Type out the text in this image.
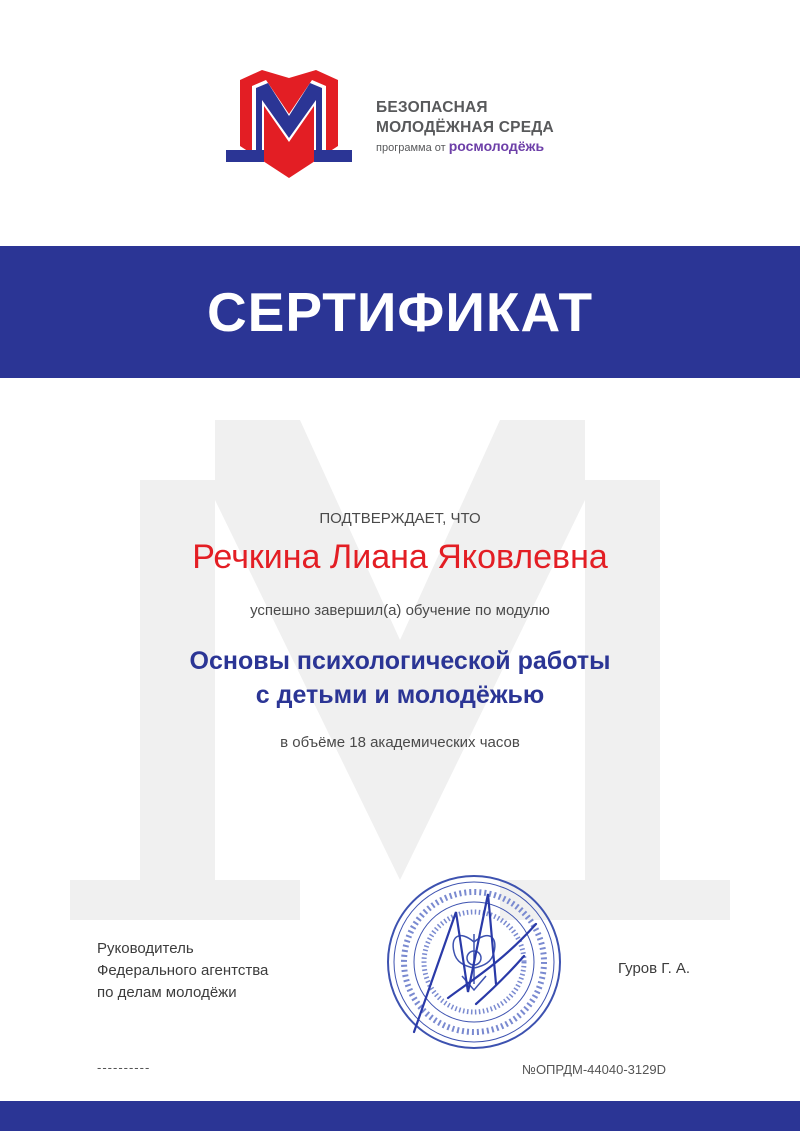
БЕЗОПАСНАЯ
МОЛОДЁЖНАЯ СРЕДА
программа от росмолодёжь
СЕРТИФИКАТ
ПОДТВЕРЖДАЕТ, ЧТО
Речкина Лиана Яковлевна
успешно завершил(а) обучение по модулю
Основы психологической работы
с детьми и молодёжью
в объёме 18 академических часов
Руководитель
Федерального агентства
по делам молодёжи
Гуров Г. А.
----------	№ОПРДМ-44040-3129D
